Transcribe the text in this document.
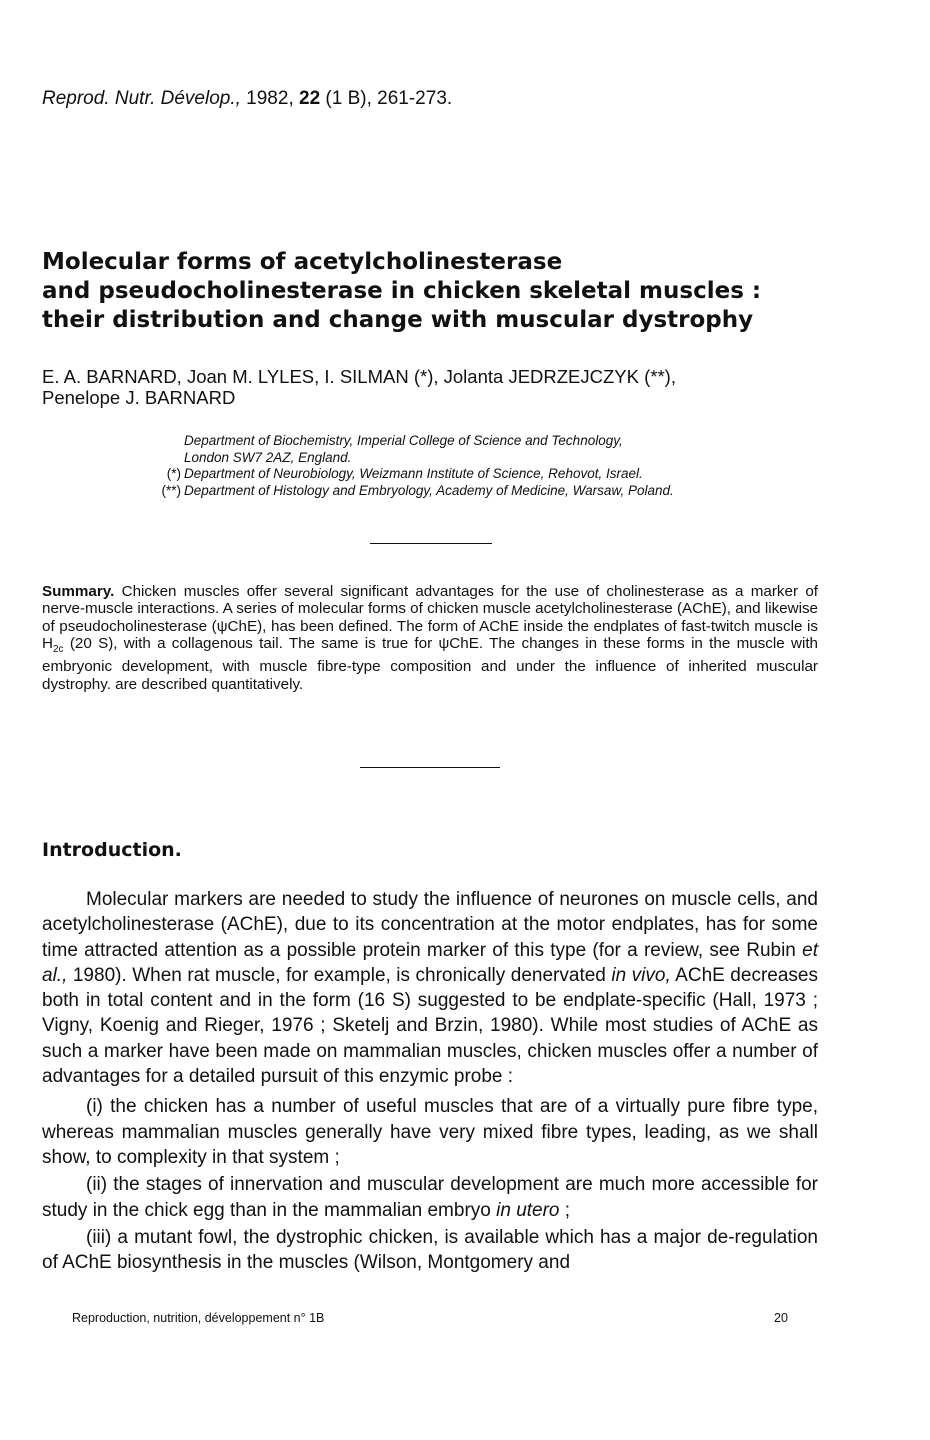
Reprod. Nutr. Dévelop., 1982, 22 (1 B), 261-273.
Molecular forms of acetylcholinesterase
and pseudocholinesterase in chicken skeletal muscles :
their distribution and change with muscular dystrophy
E. A. BARNARD, Joan M. LYLES, I. SILMAN (*), Jolanta JEDRZEJCZYK (**),
Penelope J. BARNARD
Department of Biochemistry, Imperial College of Science and Technology,
London SW7 2AZ, England.
(*) Department of Neurobiology, Weizmann Institute of Science, Rehovot, Israel.
(**) Department of Histology and Embryology, Academy of Medicine, Warsaw, Poland.
Summary. Chicken muscles offer several significant advantages for the use of cholinesterase as a marker of nerve-muscle interactions. A series of molecular forms of chicken muscle acetylcholinesterase (AChE), and likewise of pseudocholinesterase (ψChE), has been defined. The form of AChE inside the endplates of fast-twitch muscle is $H_{2c}$ (20 S), with a collagenous tail. The same is true for ψChE. The changes in these forms in the muscle with embryonic development, with muscle fibre-type composition and under the influence of inherited muscular dystrophy. are described quantitatively.
Introduction.

Molecular markers are needed to study the influence of neurones on muscle cells, and acetylcholinesterase (AChE), due to its concentration at the motor endplates, has for some time attracted attention as a possible protein marker of this type (for a review, see Rubin et al., 1980). When rat muscle, for example, is chronically denervated in vivo, AChE decreases both in total content and in the form (16 S) suggested to be endplate-specific (Hall, 1973 ; Vigny, Koenig and Rieger, 1976 ; Sketelj and Brzin, 1980). While most studies of AChE as such a marker have been made on mammalian muscles, chicken muscles offer a number of advantages for a detailed pursuit of this enzymic probe :

(i) the chicken has a number of useful muscles that are of a virtually pure fibre type, whereas mammalian muscles generally have very mixed fibre types, leading, as we shall show, to complexity in that system ;

(ii) the stages of innervation and muscular development are much more accessible for study in the chick egg than in the mammalian embryo in utero ;

(iii) a mutant fowl, the dystrophic chicken, is available which has a major de-regulation of AChE biosynthesis in the muscles (Wilson, Montgomery and

Reproduction, nutrition, développement n° 1B	20
